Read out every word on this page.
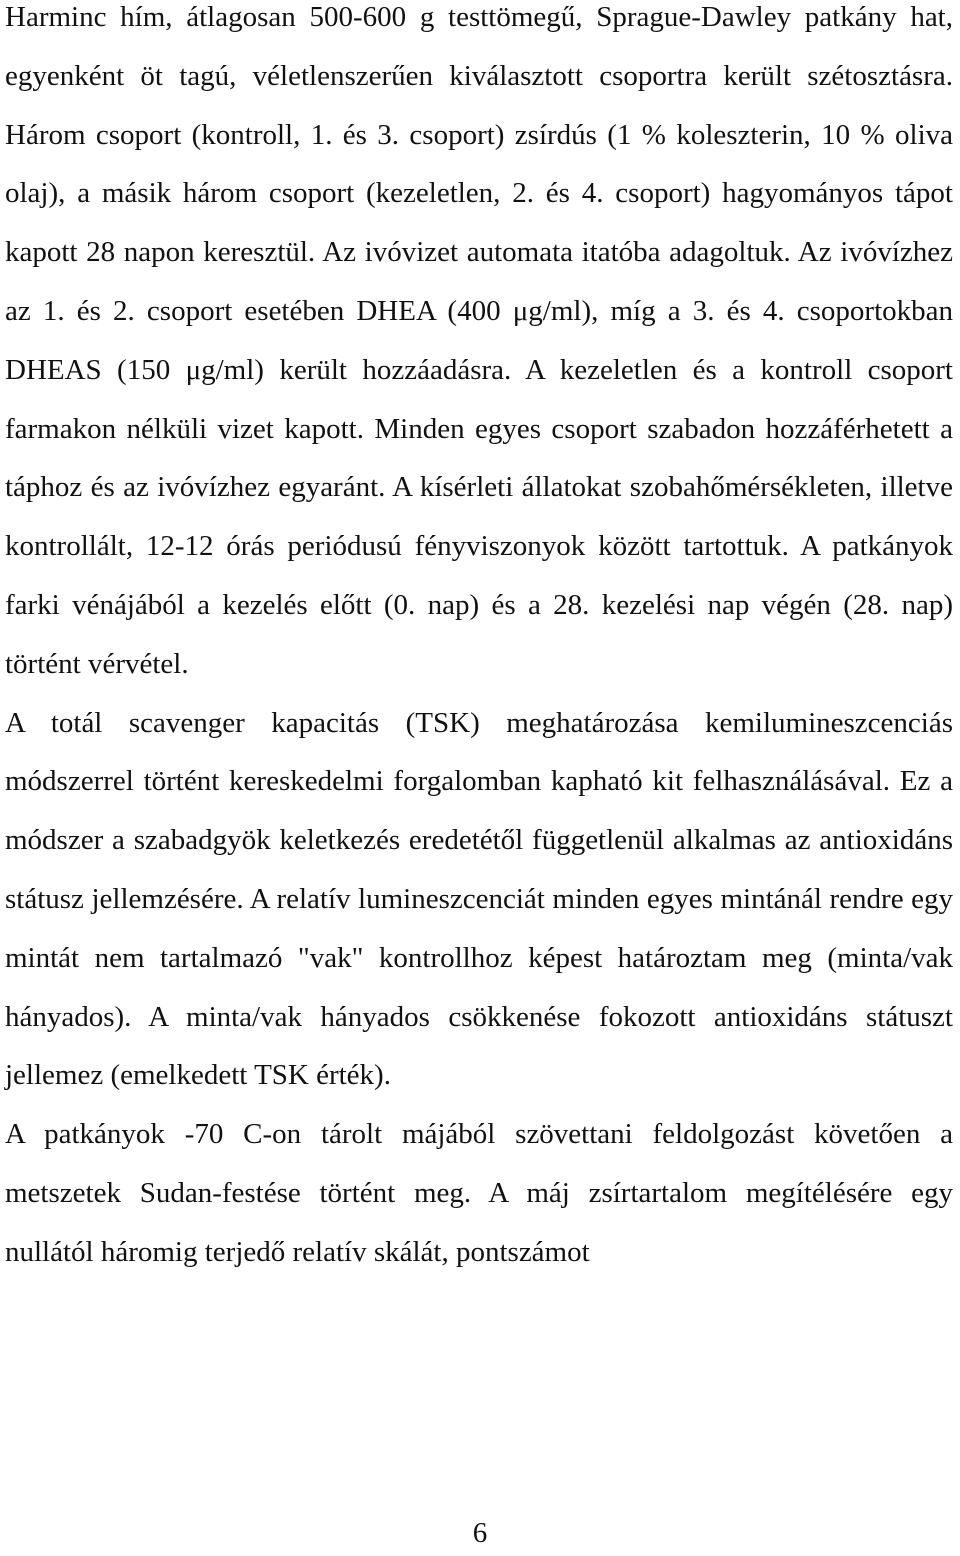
Harminc hím, átlagosan 500-600 g testtömegű, Sprague-Dawley patkány hat, egyenként öt tagú, véletlenszerűen kiválasztott csoportra került szétosztásra. Három csoport (kontroll, 1. és 3. csoport) zsírdús (1 % koleszterin, 10 % oliva olaj), a másik három csoport (kezeletlen, 2. és 4. csoport) hagyományos tápot kapott 28 napon keresztül. Az ivóvizet automata itatóba adagoltuk. Az ivóvízhez az 1. és 2. csoport esetében DHEA (400 μg/ml), míg a 3. és 4. csoportokban DHEAS (150 μg/ml) került hozzáadásra. A kezeletlen és a kontroll csoport farmakon nélküli vizet kapott. Minden egyes csoport szabadon hozzáférhetett a táphoz és az ivóvízhez egyaránt. A kísérleti állatokat szobahőmérsékleten, illetve kontrollált, 12-12 órás periódusú fényviszonyok között tartottuk. A patkányok farki vénájából a kezelés előtt (0. nap) és a 28. kezelési nap végén (28. nap) történt vérvétel.

A totál scavenger kapacitás (TSK) meghatározása kemilumineszcenciás módszerrel történt kereskedelmi forgalomban kapható kit felhasználásával. Ez a módszer a szabadgyök keletkezés eredetétől függetlenül alkalmas az antioxidáns státusz jellemzésére. A relatív lumineszcenciát minden egyes mintánál rendre egy mintát nem tartalmazó "vak" kontrollhoz képest határoztam meg (minta/vak hányados). A minta/vak hányados csökkenése fokozott antioxidáns státuszt jellemez (emelkedett TSK érték).

A patkányok -70 C-on tárolt májából szövettani feldolgozást követően a metszetek Sudan-festése történt meg. A máj zsírtartalom megítélésére egy nullától háromig terjedő relatív skálát, pontszámot

6
